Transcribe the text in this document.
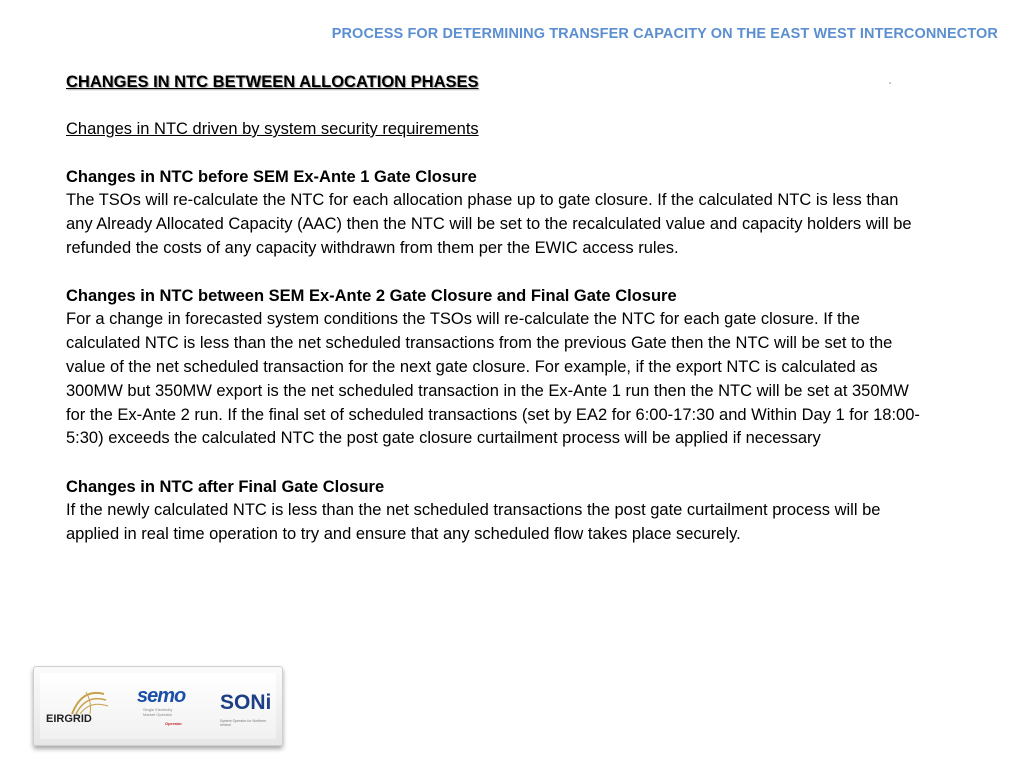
PROCESS FOR DETERMINING TRANSFER CAPACITY ON THE EAST WEST INTERCONNECTOR

CHANGES IN NTC BETWEEN ALLOCATION PHASES

Changes in NTC driven by system security requirements

Changes in NTC before SEM Ex-Ante 1 Gate Closure

The TSOs will re-calculate the NTC for each allocation phase up to gate closure. If the calculated NTC is less than any Already Allocated Capacity (AAC) then the NTC will be set to the recalculated value and capacity holders will be refunded the costs of any capacity withdrawn from them per the EWIC access rules.

Changes in NTC between SEM Ex-Ante 2 Gate Closure and Final Gate Closure

For a change in forecasted system conditions the TSOs will re-calculate the NTC for each gate closure. If the calculated NTC is less than the net scheduled transactions from the previous Gate then the NTC will be set to the value of the net scheduled transaction for the next gate closure. For example, if the export NTC is calculated as 300MW but 350MW export is the net scheduled transaction in the Ex-Ante 1 run then the NTC will be set at 350MW for the Ex-Ante 2 run. If the final set of scheduled transactions (set by EA2 for 6:00-17:30 and Within Day 1 for 18:00-5:30) exceeds the calculated NTC the post gate closure curtailment process will be applied if necessary

Changes in NTC after Final Gate Closure

If the newly calculated NTC is less than the net scheduled transactions the post gate curtailment process will be applied in real time operation to try and ensure that any scheduled flow takes place securely.

EIRGRID
semo
Single Electricity Market Operator
Operator
SONi
System Operator for Northern Ireland
